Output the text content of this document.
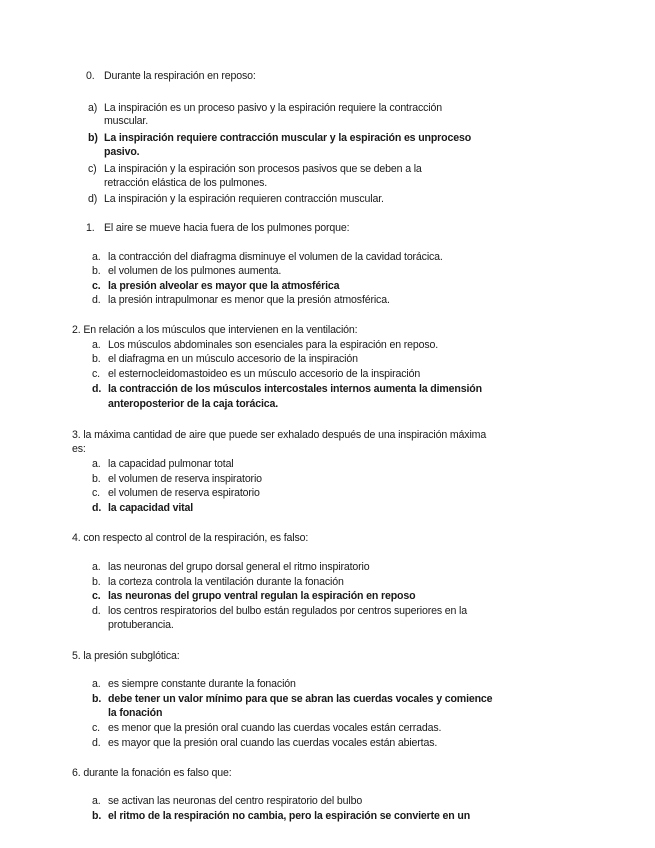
0. Durante la respiración en reposo:
a) La inspiración es un proceso pasivo y la espiración requiere la contracción
muscular.
b) La inspiración requiere contracción muscular y la espiración es unproceso
pasivo.
c) La inspiración y la espiración son procesos pasivos que se deben a la
retracción elástica de los pulmones.
d) La inspiración y la espiración requieren contracción muscular.
1. El aire se mueve hacia fuera de los pulmones porque:
a. la contracción del diafragma disminuye el volumen de la cavidad torácica.
b. el volumen de los pulmones aumenta.
c. la presión alveolar es mayor que la atmosférica
d. la presión intrapulmonar es menor que la presión atmosférica.
2. En relación a los músculos que intervienen en la ventilación:
a. Los músculos abdominales son esenciales para la espiración en reposo.
b. el diafragma en un músculo accesorio de la inspiración
c. el esternocleidomastoideo es un músculo accesorio de la inspiración
d. la contracción de los músculos intercostales internos aumenta la dimensión
anteroposterior de la caja torácica.
3. la máxima cantidad de aire que puede ser exhalado después de una inspiración máxima
es:
a. la capacidad pulmonar total
b. el volumen de reserva inspiratorio
c. el volumen de reserva espiratorio
d. la capacidad vital
4. con respecto al control de la respiración, es falso:
a. las neuronas del grupo dorsal general el ritmo inspiratorio
b. la corteza controla la ventilación durante la fonación
c. las neuronas del grupo ventral regulan la espiración en reposo
d. los centros respiratorios del bulbo están regulados por centros superiores en la
protuberancia.
5. la presión subglótica:
a. es siempre constante durante la fonación
b. debe tener un valor mínimo para que se abran las cuerdas vocales y comience
la fonación
c. es menor que la presión oral cuando las cuerdas vocales están cerradas.
d. es mayor que la presión oral cuando las cuerdas vocales están abiertas.
6. durante la fonación es falso que:
a. se activan las neuronas del centro respiratorio del bulbo
b. el ritmo de la respiración no cambia, pero la espiración se convierte en un
